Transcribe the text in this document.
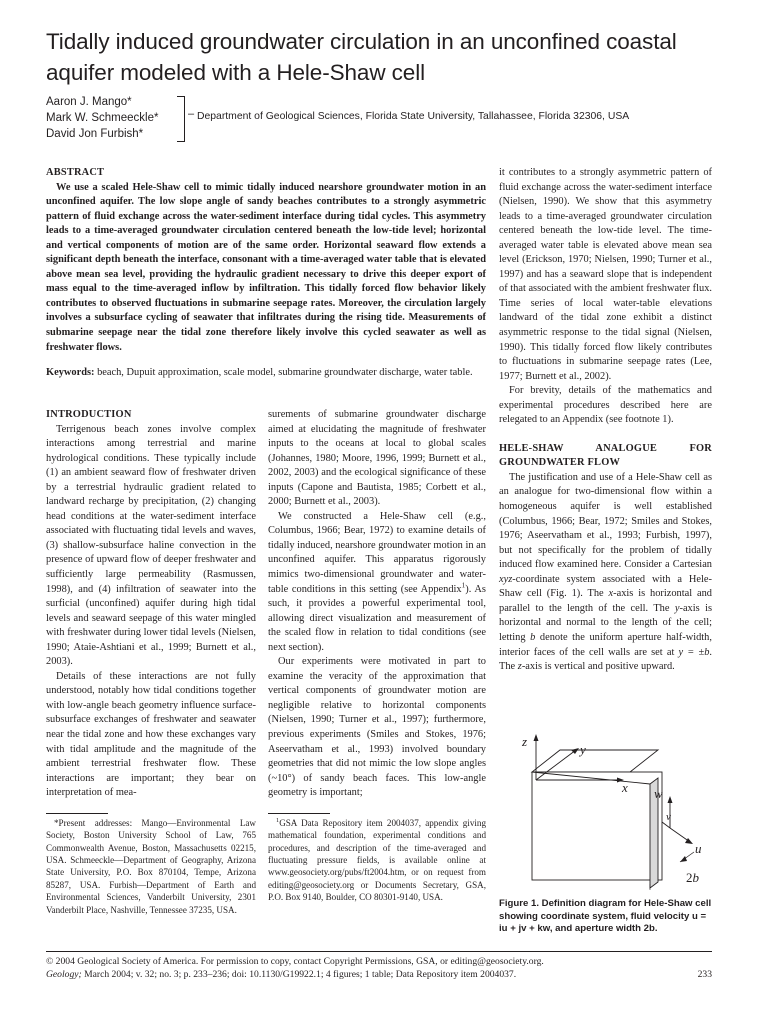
Tidally induced groundwater circulation in an unconfined coastal aquifer modeled with a Hele-Shaw cell
Aaron J. Mango*
Mark W. Schmeeckle*
David Jon Furbish*
– Department of Geological Sciences, Florida State University, Tallahassee, Florida 32306, USA
ABSTRACT

We use a scaled Hele-Shaw cell to mimic tidally induced nearshore groundwater motion in an unconfined aquifer. The low slope angle of sandy beaches contributes to a strongly asymmetric pattern of fluid exchange across the water-sediment interface during tidal cycles. This asymmetry leads to a time-averaged groundwater circulation centered beneath the low-tide level; horizontal and vertical components of motion are of the same order. Horizontal seaward flow extends a significant depth beneath the interface, consonant with a time-averaged water table that is elevated above mean sea level, providing the hydraulic gradient necessary to drive this deeper export of mass equal to the time-averaged inflow by infiltration. This tidally forced flow behavior likely contributes to observed fluctuations in submarine seepage rates. Moreover, the circulation largely involves a subsurface cycling of seawater that infiltrates during the rising tide. Measurements of submarine seepage near the tidal zone therefore likely involve this cycled seawater as well as freshwater flows.

Keywords: beach, Dupuit approximation, scale model, submarine groundwater discharge, water table.

INTRODUCTION

Terrigenous beach zones involve complex interactions among terrestrial and marine hydrological conditions. These typically include (1) an ambient seaward flow of freshwater driven by a terrestrial hydraulic gradient related to landward recharge by precipitation, (2) changing head conditions at the water-sediment interface associated with fluctuating tidal levels and waves, (3) shallow-subsurface haline convection in the presence of upward flow of deeper freshwater and sufficiently large permeability (Rasmussen, 1998), and (4) infiltration of seawater into the surficial (unconfined) aquifer during high tidal levels and seaward seepage of this water mingled with freshwater during lower tidal levels (Nielsen, 1990; Ataie-Ashtiani et al., 1999; Burnett et al., 2003).

Details of these interactions are not fully understood, notably how tidal conditions together with low-angle beach geometry influence surface-subsurface exchanges of freshwater and seawater near the tidal zone and how these exchanges vary with tidal amplitude and the magnitude of the ambient terrestrial freshwater flow. These interactions are important; they bear on interpretation of mea-

*Present addresses: Mango—Environmental Law Society, Boston University School of Law, 765 Commonwealth Avenue, Boston, Massachusetts 02215, USA. Schmeeckle—Department of Geography, Arizona State University, P.O. Box 870104, Tempe, Arizona 85287, USA. Furbish—Department of Earth and Environmental Sciences, Vanderbilt University, 2301 Vanderbilt Place, Nashville, Tennessee 37235, USA.

surements of submarine groundwater discharge aimed at elucidating the magnitude of freshwater inputs to the oceans at local to global scales (Johannes, 1980; Moore, 1996, 1999; Burnett et al., 2002, 2003) and the ecological significance of these inputs (Capone and Bautista, 1985; Corbett et al., 2000; Burnett et al., 2003).

We constructed a Hele-Shaw cell (e.g., Columbus, 1966; Bear, 1972) to examine details of tidally induced, nearshore groundwater motion in an unconfined aquifer. This apparatus rigorously mimics two-dimensional groundwater and water-table conditions in this setting (see Appendix$^1$). As such, it provides a powerful experimental tool, allowing direct visualization and measurement of the scaled flow in relation to tidal conditions (see next section).

Our experiments were motivated in part to examine the veracity of the approximation that vertical components of groundwater motion are negligible relative to horizontal components (Nielsen, 1990; Turner et al., 1997); furthermore, previous experiments (Smiles and Stokes, 1976; Aseervatham et al., 1993) involved boundary geometries that did not mimic the low slope angles (~10°) of sandy beach faces. This low-angle geometry is important;

$^1$GSA Data Repository item 2004037, appendix giving mathematical foundation, experimental conditions and procedures, and description of the time-averaged and fluctuating pressure fields, is available online at www.geosociety.org/pubs/ft2004.htm, or on request from editing@geosociety.org or Documents Secretary, GSA, P.O. Box 9140, Boulder, CO 80301-9140, USA.

it contributes to a strongly asymmetric pattern of fluid exchange across the water-sediment interface (Nielsen, 1990). We show that this asymmetry leads to a time-averaged groundwater circulation centered beneath the low-tide level. The time-averaged water table is elevated above mean sea level (Erickson, 1970; Nielsen, 1990; Turner et al., 1997) and has a seaward slope that is independent of that associated with the ambient freshwater flux. Time series of local water-table elevations landward of the tidal zone exhibit a distinct asymmetric response to the tidal signal (Nielsen, 1990). This tidally forced flow likely contributes to fluctuations in submarine seepage rates (Lee, 1977; Burnett et al., 2002).

For brevity, details of the mathematics and experimental procedures described here are relegated to an Appendix (see footnote 1).

HELE-SHAW ANALOGUE FOR GROUNDWATER FLOW

The justification and use of a Hele-Shaw cell as an analogue for two-dimensional flow within a homogeneous aquifer is well established (Columbus, 1966; Bear, 1972; Smiles and Stokes, 1976; Aseervatham et al., 1993; Furbish, 1997), but not specifically for the problem of tidally induced flow examined here. Consider a Cartesian xyz-coordinate system associated with a Hele-Shaw cell (Fig. 1). The x-axis is horizontal and parallel to the length of the cell. The y-axis is horizontal and normal to the length of the cell; letting b denote the uniform aperture half-width, interior faces of the cell walls are set at y = ±b. The z-axis is vertical and positive upward.

z
y
x w
v
u
2b
Figure 1. Definition diagram for Hele-Shaw cell showing coordinate system, fluid velocity u = iu + jv + kw, and aperture width 2b.
© 2004 Geological Society of America. For permission to copy, contact Copyright Permissions, GSA, or editing@geosociety.org.
Geology; March 2004; v. 32; no. 3; p. 233–236; doi: 10.1130/G19922.1; 4 figures; 1 table; Data Repository item 2004037.	233
